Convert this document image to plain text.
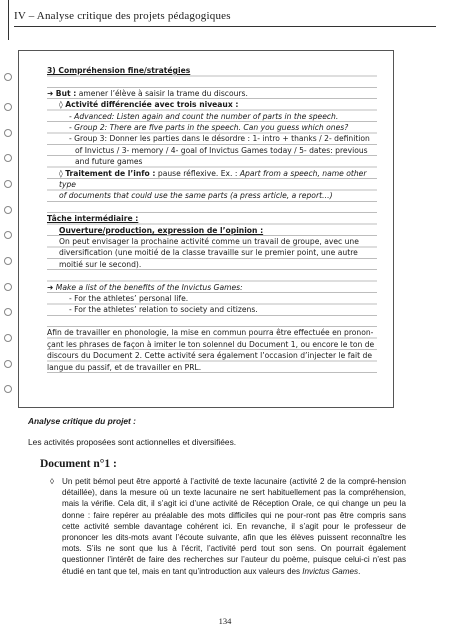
IV – Analyse critique des projets pédagogiques

3) Compréhension fine/stratégies

➜ But : amener l’élève à saisir la trame du discours.

◊ Activité différenciée avec trois niveaux :

- Advanced: Listen again and count the number of parts in the speech.

- Group 2: There are five parts in the speech. Can you guess which ones?

- Group 3: Donner les parties dans le désordre : 1- intro + thanks / 2- definition

of Invictus / 3- memory / 4- goal of Invictus Games today / 5- dates: previous

and future games

◊ Traitement de l’info : pause réflexive. Ex. : Apart from a speech, name other type

of documents that could use the same parts (a press article, a report…)

Tâche intermédiaire :

Ouverture/production, expression de l’opinion :

On peut envisager la prochaine activité comme un travail de groupe, avec une

diversification (une moitié de la classe travaille sur le premier point, une autre

moitié sur le second).

➜ Make a list of the benefits of the Invictus Games:

- For the athletes’ personal life.

- For the athletes’ relation to society and citizens.

Afin de travailler en phonologie, la mise en commun pourra être effectuée en pronon-

çant les phrases de façon à imiter le ton solennel du Document 1, ou encore le ton de

discours du Document 2. Cette activité sera également l’occasion d’injecter le fait de

langue du passif, et de travailler en PRL.

Analyse critique du projet :
Les activités proposées sont actionnelles et diversifiées.
Document n°1 :
◊ Un petit bémol peut être apporté à l’activité de texte lacunaire (activité 2 de la compré-hension détaillée), dans la mesure où un texte lacunaire ne sert habituellement pas la compréhension, mais la vérifie. Cela dit, il s’agit ici d’une activité de Réception Orale, ce qui change un peu la donne : faire repérer au préalable des mots difficiles qui ne pour-ront pas être compris sans cette activité semble davantage cohérent ici. En revanche, il s’agit pour le professeur de prononcer les dits-mots avant l’écoute suivante, afin que les élèves puissent reconnaître les mots. S’ils ne sont que lus à l’écrit, l’activité perd tout son sens. On pourrait également questionner l’intérêt de faire des recherches sur l’auteur du poème, puisque celui-ci n’est pas étudié en tant que tel, mais en tant qu’introduction aux valeurs des Invictus Games.
134
